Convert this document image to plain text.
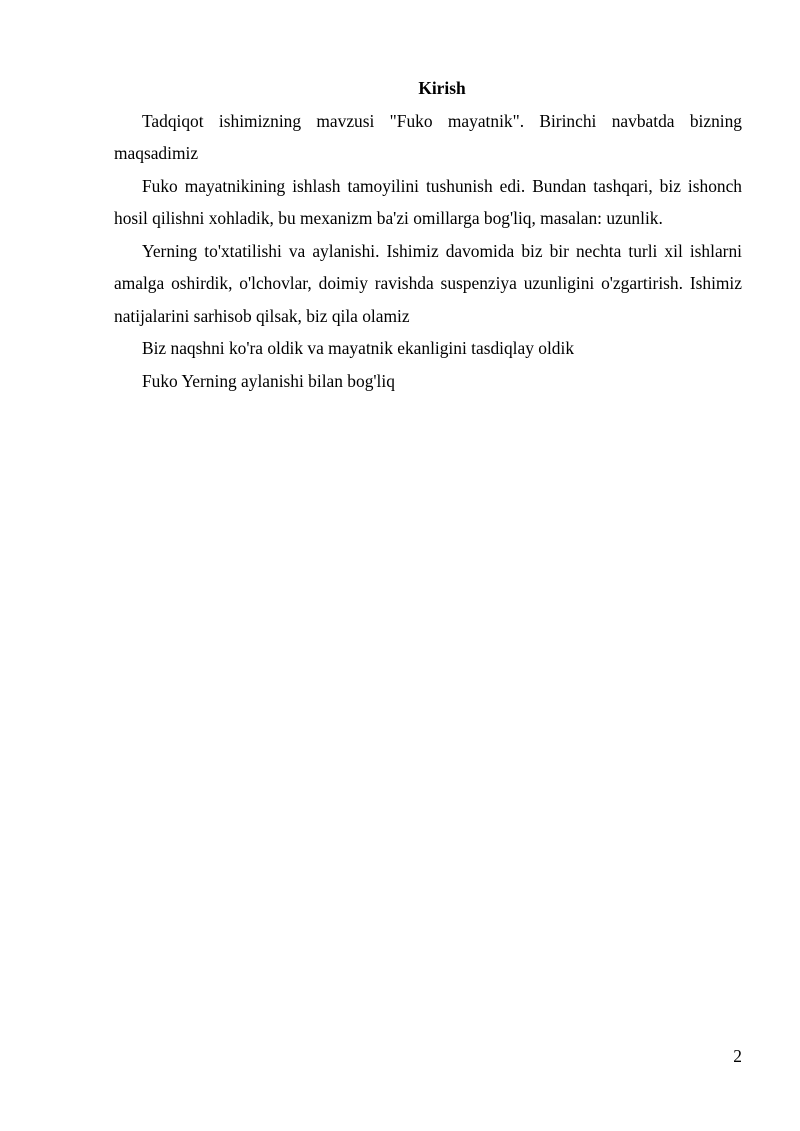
Kirish

Tadqiqot ishimizning mavzusi "Fuko mayatnik". Birinchi navbatda bizning maqsadimiz

Fuko mayatnikining ishlash tamoyilini tushunish edi. Bundan tashqari, biz ishonch hosil qilishni xohladik, bu mexanizm ba'zi omillarga bog'liq, masalan: uzunlik.

Yerning to'xtatilishi va aylanishi. Ishimiz davomida biz bir nechta turli xil ishlarni amalga oshirdik, o'lchovlar, doimiy ravishda suspenziya uzunligini o'zgartirish. Ishimiz natijalarini sarhisob qilsak, biz qila olamiz

Biz naqshni ko'ra oldik va mayatnik ekanligini tasdiqlay oldik

Fuko Yerning aylanishi bilan bog'liq

2
